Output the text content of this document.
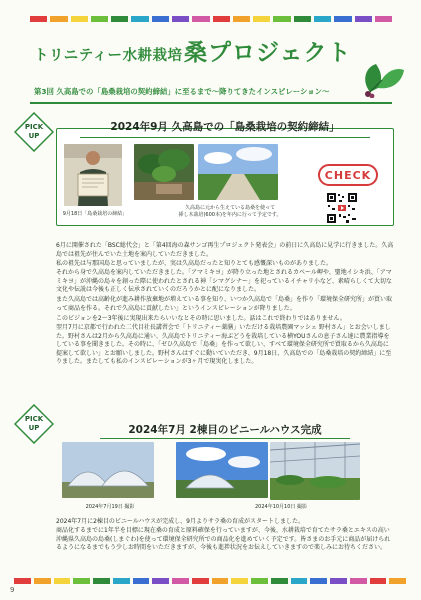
トリニティー水耕栽培 桑プロジェクト
第3回 久高島での「島桑栽培の契約締結」に至るまで〜降りてきたインスピレーション〜
PICK
UP
2024年9月 久高島での「島桑栽培の契約締結」
9月18日「島桑栽培の締結」
久高島に元から生えている島桑を使って
挿し木栽培(600本)を年内に行って予定です。
CHECK
6月に開催された「BSC総代会」と「第4回海の森サンゴ再生プロジェクト発表会」の前日に久高島に見学に行きました。久高島では祖先が住んでいた土地を案内していただきました。
私の祖先は与那国島と思っていましたが、実は久高島だったと知りとても感慨深いものがありました。
それから身で久高島を案内していただきました。「アマミキヨ」が降り立った地とされるカベール岬や、聖地イシキ浜、「アマミキヨ」が沖縄の島々を創った際に使われたとされる神「シマグシナー」を祀っているイチャリ小など、素晴らしくて大切な文化や伝説は今後も正しく伝承されていくのだろうかとに配になりました。
また久高島では高齢化が進み耕作放棄地が増えている事を知り、いつか久高島で「島桑」を作り「環境保全研究所」が買い取って商品を作る。それで久高島に貢献したい」というインスピレーションが降りました。
このビジョンを2〜3年後に実現出来たらいいなとその時に思いました。話はこれで終わりではありません。
翌月7月に京都で行われた二代目社長講習会で「トリニティー薬膳」いただける栽培農園マッシェ 野村さん」とお会いしました。野村さんは2月から久高島に通い、久高島でトリニティー海ぶどうを栽培している横YOUさんの息子さん達に農業指導をしている事を聞きました。その時に、「ゼひ久高島で「島桑」を作って欲しい、すべて環境保全研究所で買取るから久高島に提案して欲しい」とお願いしました。野村さんはすぐに動いていただき、9月18日、久高島での「島桑栽培の契約締結」に至りました。またしても私のインスピレーションが3ヶ月で現実化しました。
PICK
UP	2024年7月 2棟目のビニールハウス完成
2024年7月19日 撮影	2024年10月10日 撮影
2024年7月に2棟目のビニールハウスが完成し、9月よりサラ桑の育成がスタートしました。
商品化するまでに1年半を目標に現在桑の育成と原料確保を行っていますが、今後、水耕栽培で育てたサラ桑とエキスの高い沖縄県久高島の島桑(しまぐわ)を使って環境保全研究所での商品化を進めていく予定です。皆さまのお手元に商品が届けられるようになるまでもう少しお時間をいただきますが、今後も進捗状況をお伝えしていきますので楽しみにお待ちください。
9
